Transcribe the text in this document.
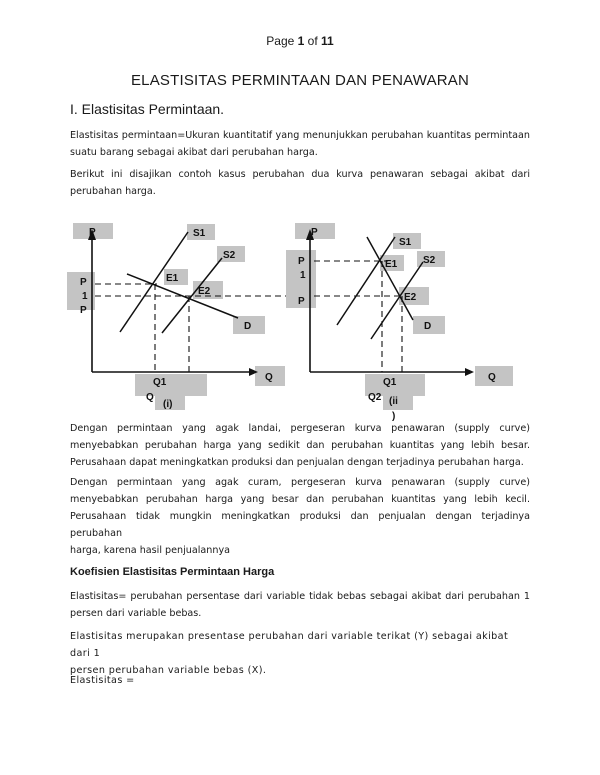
Page 1 of 11
ELASTISITAS PERMINTAAN DAN PENAWARAN
I. Elastisitas Permintaan.
Elastisitas permintaan=Ukuran kuantitatif yang menunjukkan perubahan kuantitas permintaan
suatu barang sebagai akibat dari perubahan harga.
Berikut ini disajikan contoh kasus perubahan dua kurva penawaran sebagai akibat dari
perubahan harga.
P	S1
S2
E1
E2
P
1
P
D
Q
Q1
Q
(i)
P
S1
S2
E1
E2
P
1
P
D
Q
Q1
Q2 (ii
)
Dengan permintaan yang agak landai, pergeseran kurva penawaran (supply curve)
menyebabkan perubahan harga yang sedikit dan perubahan kuantitas yang lebih besar.
Perusahaan dapat meningkatkan produksi dan penjualan dengan terjadinya perubahan harga.
Dengan permintaan yang agak curam, pergeseran kurva penawaran (supply curve)
menyebabkan perubahan harga yang besar dan perubahan kuantitas yang lebih kecil.
Perusahaan tidak mungkin meningkatkan produksi dan penjualan dengan terjadinya perubahan
harga, karena hasil penjualannya
Koefisien Elastisitas Permintaan Harga
Elastisitas= perubahan persentase dari variable tidak bebas sebagai akibat dari perubahan 1
persen dari variable bebas.
Elastisitas merupakan presentase perubahan dari variable terikat (Y) sebagai akibat dari 1
persen perubahan variable bebas (X).
Elastisitas =
